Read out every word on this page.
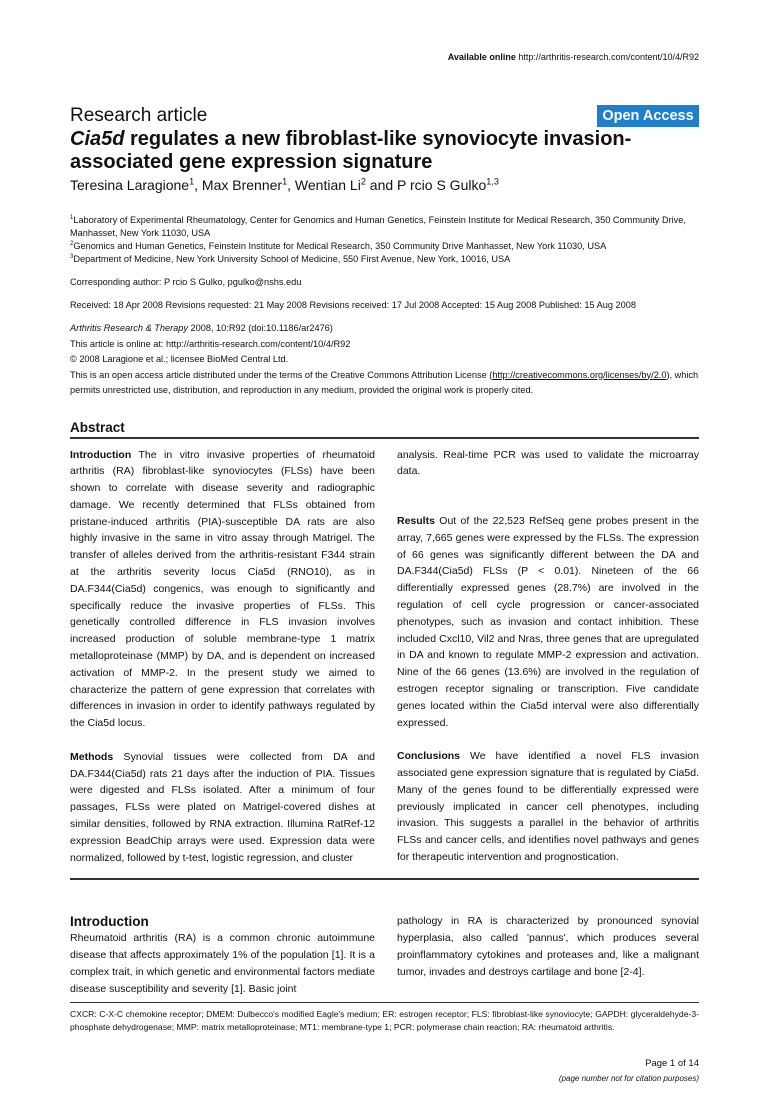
Available online http://arthritis-research.com/content/10/4/R92
Research article	Open Access
Cia5d regulates a new fibroblast-like synoviocyte invasion-associated gene expression signature
Teresina Laragione$^1$, Max Brenner$^1$, Wentian Li$^2$ and P rcio S Gulko$^{1,3}$
$^1$Laboratory of Experimental Rheumatology, Center for Genomics and Human Genetics, Feinstein Institute for Medical Research, 350 Community Drive, Manhasset, New York 11030, USA
$^2$Genomics and Human Genetics, Feinstein Institute for Medical Research, 350 Community Drive Manhasset, New York 11030, USA
$^3$Department of Medicine, New York University School of Medicine, 550 First Avenue, New York, 10016, USA
Corresponding author: P rcio S Gulko, pgulko@nshs.edu
Received: 18 Apr 2008 Revisions requested: 21 May 2008 Revisions received: 17 Jul 2008 Accepted: 15 Aug 2008 Published: 15 Aug 2008
Arthritis Research & Therapy 2008, 10:R92 (doi:10.1186/ar2476)
This article is online at: http://arthritis-research.com/content/10/4/R92
© 2008 Laragione et al.; licensee BioMed Central Ltd.
This is an open access article distributed under the terms of the Creative Commons Attribution License (http://creativecommons.org/licenses/by/2.0), which permits unrestricted use, distribution, and reproduction in any medium, provided the original work is properly cited.
Abstract

Introduction The in vitro invasive properties of rheumatoid arthritis (RA) fibroblast-like synoviocytes (FLSs) have been shown to correlate with disease severity and radiographic damage. We recently determined that FLSs obtained from pristane-induced arthritis (PIA)-susceptible DA rats are also highly invasive in the same in vitro assay through Matrigel. The transfer of alleles derived from the arthritis-resistant F344 strain at the arthritis severity locus Cia5d (RNO10), as in DA.F344(Cia5d) congenics, was enough to significantly and specifically reduce the invasive properties of FLSs. This genetically controlled difference in FLS invasion involves increased production of soluble membrane-type 1 matrix metalloproteinase (MMP) by DA, and is dependent on increased activation of MMP-2. In the present study we aimed to characterize the pattern of gene expression that correlates with differences in invasion in order to identify pathways regulated by the Cia5d locus.

Methods Synovial tissues were collected from DA and DA.F344(Cia5d) rats 21 days after the induction of PIA. Tissues were digested and FLSs isolated. After a minimum of four passages, FLSs were plated on Matrigel-covered dishes at similar densities, followed by RNA extraction. Illumina RatRef-12 expression BeadChip arrays were used. Expression data were normalized, followed by t-test, logistic regression, and cluster

analysis. Real-time PCR was used to validate the microarray data.

Results Out of the 22,523 RefSeq gene probes present in the array, 7,665 genes were expressed by the FLSs. The expression of 66 genes was significantly different between the DA and DA.F344(Cia5d) FLSs (P < 0.01). Nineteen of the 66 differentially expressed genes (28.7%) are involved in the regulation of cell cycle progression or cancer-associated phenotypes, such as invasion and contact inhibition. These included Cxcl10, Vil2 and Nras, three genes that are upregulated in DA and known to regulate MMP-2 expression and activation. Nine of the 66 genes (13.6%) are involved in the regulation of estrogen receptor signaling or transcription. Five candidate genes located within the Cia5d interval were also differentially expressed.

Conclusions We have identified a novel FLS invasion associated gene expression signature that is regulated by Cia5d. Many of the genes found to be differentially expressed were previously implicated in cancer cell phenotypes, including invasion. This suggests a parallel in the behavior of arthritis FLSs and cancer cells, and identifies novel pathways and genes for therapeutic intervention and prognostication.

Introduction

Rheumatoid arthritis (RA) is a common chronic autoimmune disease that affects approximately 1% of the population [1]. It is a complex trait, in which genetic and environmental factors mediate disease susceptibility and severity [1]. Basic joint

pathology in RA is characterized by pronounced synovial hyperplasia, also called 'pannus', which produces several proinflammatory cytokines and proteases and, like a malignant tumor, invades and destroys cartilage and bone [2-4].

CXCR: C-X-C chemokine receptor; DMEM: Dulbecco's modified Eagle's medium; ER: estrogen receptor; FLS: fibroblast-like synoviocyte; GAPDH: glyceraldehyde-3-phosphate dehydrogenase; MMP: matrix metalloproteinase; MT1: membrane-type 1; PCR: polymerase chain reaction; RA: rheumatoid arthritis.
Page 1 of 14
(page number not for citation purposes)
